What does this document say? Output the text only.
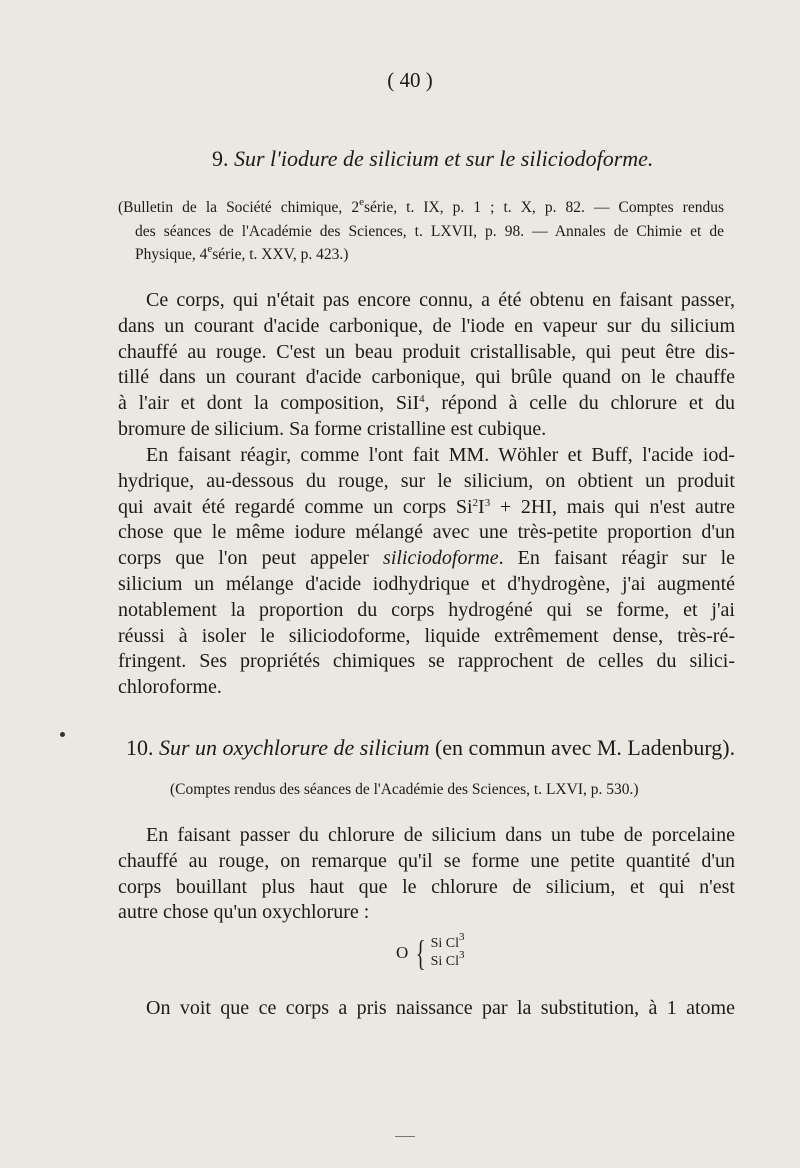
( 40 )
9. Sur l'iodure de silicium et sur le siliciodoforme.

(Bulletin de la Société chimique, 2esérie, t. IX, p. 1 ; t. X, p. 82. — Comptes rendus

des séances de l'Académie des Sciences, t. LXVII, p. 98. — Annales de Chimie et de

Physique, 4esérie, t. XXV, p. 423.)

Ce corps, qui n'était pas encore connu, a été obtenu en faisant passer,
dans un courant d'acide carbonique, de l'iode en vapeur sur du silicium
chauffé au rouge. C'est un beau produit cristallisable, qui peut être dis-
tillé dans un courant d'acide carbonique, qui brûle quand on le chauffe
à l'air et dont la composition, SiI$^4$, répond à celle du chlorure et du
bromure de silicium. Sa forme cristalline est cubique.
En faisant réagir, comme l'ont fait MM. Wöhler et Buff, l'acide iod-
hydrique, au-dessous du rouge, sur le silicium, on obtient un produit
qui avait été regardé comme un corps $Si^2I^3 + 2HI$, mais qui n'est autre
chose que le même iodure mélangé avec une très-petite proportion d'un
corps que l'on peut appeler siliciodoforme. En faisant réagir sur le
silicium un mélange d'acide iodhydrique et d'hydrogène, j'ai augmenté
notablement la proportion du corps hydrogéné qui se forme, et j'ai
réussi à isoler le siliciodoforme, liquide extrêmement dense, très-ré-
fringent. Ses propriétés chimiques se rapprochent de celles du silici-
chloroforme.
10. Sur un oxychlorure de silicium (en commun avec M. Ladenburg).

(Comptes rendus des séances de l'Académie des Sciences, t. LXVI, p. 530.)

En faisant passer du chlorure de silicium dans un tube de porcelaine
chauffé au rouge, on remarque qu'il se forme une petite quantité d'un
corps bouillant plus haut que le chlorure de silicium, et qui n'est
autre chose qu'un oxychlorure :
O { Si Cl$^3$
Si Cl$^3$
On voit que ce corps a pris naissance par la substitution, à 1 atome
